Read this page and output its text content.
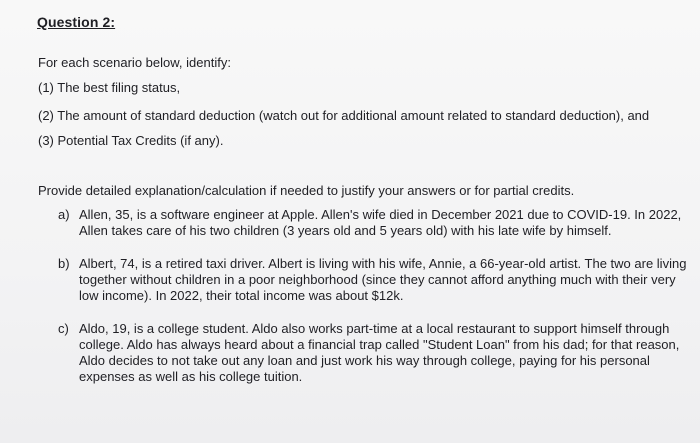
Question 2:
For each scenario below, identify:
(1) The best filing status,
(2) The amount of standard deduction (watch out for additional amount related to standard deduction), and
(3) Potential Tax Credits (if any).
Provide detailed explanation/calculation if needed to justify your answers or for partial credits.
a) Allen, 35, is a software engineer at Apple. Allen's wife died in December 2021 due to COVID-19. In 2022, Allen takes care of his two children (3 years old and 5 years old) with his late wife by himself.
b) Albert, 74, is a retired taxi driver. Albert is living with his wife, Annie, a 66-year-old artist. The two are living together without children in a poor neighborhood (since they cannot afford anything much with their very low income). In 2022, their total income was about $12k.
c) Aldo, 19, is a college student. Aldo also works part-time at a local restaurant to support himself through college. Aldo has always heard about a financial trap called "Student Loan" from his dad; for that reason, Aldo decides to not take out any loan and just work his way through college, paying for his personal expenses as well as his college tuition.
